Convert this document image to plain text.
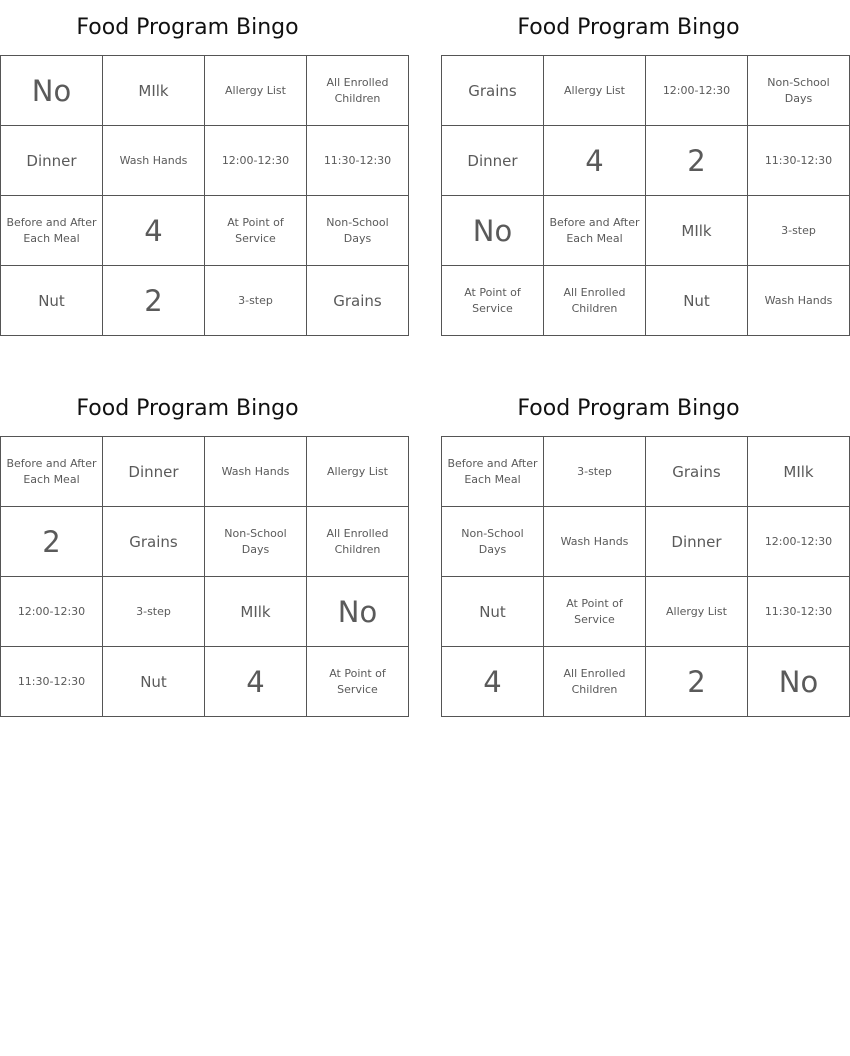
Food Program Bingo
No	MIlk	Allergy List	All Enrolled Children
Dinner	Wash Hands	12:00-12:30	11:30-12:30
Before and After Each Meal	4	At Point of Service	Non-School Days
Nut	2	3-step	Grains
Food Program Bingo
Grains	Allergy List	12:00-12:30	Non-School Days
Dinner	4	2	11:30-12:30
No	Before and After Each Meal	MIlk	3-step
At Point of Service	All Enrolled Children	Nut	Wash Hands
Food Program Bingo
Before and After Each Meal	Dinner	Wash Hands	Allergy List
2	Grains	Non-School Days	All Enrolled Children
12:00-12:30	3-step	MIlk	No
11:30-12:30	Nut	4	At Point of Service
Food Program Bingo
Before and After Each Meal	3-step	Grains	MIlk
Non-School Days	Wash Hands	Dinner	12:00-12:30
Nut	At Point of Service	Allergy List	11:30-12:30
4	All Enrolled Children	2	No
